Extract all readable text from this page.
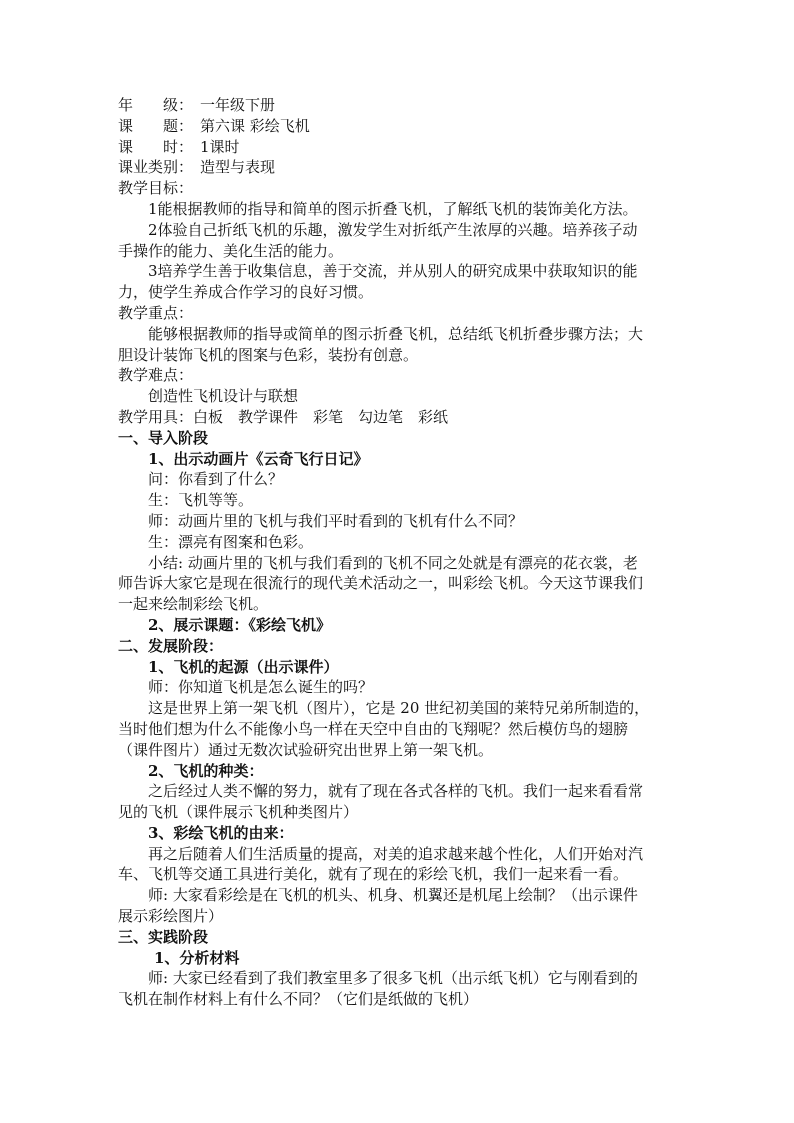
年　　级： 一年级下册
课　　题： 第六课 彩绘飞机
课　　时： 1课时
课业类别： 造型与表现
教学目标：
1能根据教师的指导和简单的图示折叠飞机，了解纸飞机的装饰美化方法。
2体验自己折纸飞机的乐趣，激发学生对折纸产生浓厚的兴趣。培养孩子动
手操作的能力、美化生活的能力。
3培养学生善于收集信息，善于交流，并从别人的研究成果中获取知识的能
力，使学生养成合作学习的良好习惯。
教学重点：
能够根据教师的指导或简单的图示折叠飞机，总结纸飞机折叠步骤方法；大
胆设计装饰飞机的图案与色彩，装扮有创意。
教学难点：
创造性飞机设计与联想
教学用具：白板　教学课件　彩笔　勾边笔　彩纸
一、导入阶段
1、出示动画片《云奇飞行日记》
问：你看到了什么？
生：飞机等等。
师：动画片里的飞机与我们平时看到的飞机有什么不同？
生：漂亮有图案和色彩。
小结: 动画片里的飞机与我们看到的飞机不同之处就是有漂亮的花衣裳，老
师告诉大家它是现在很流行的现代美术活动之一，叫彩绘飞机。今天这节课我们
一起来绘制彩绘飞机。
2、展示课题：《彩绘飞机》
二、发展阶段：
1、飞机的起源（出示课件）
师：你知道飞机是怎么诞生的吗？
这是世界上第一架飞机（图片），它是 20 世纪初美国的莱特兄弟所制造的，
当时他们想为什么不能像小鸟一样在天空中自由的飞翔呢？然后模仿鸟的翅膀
（课件图片）通过无数次试验研究出世界上第一架飞机。
2、飞机的种类：
之后经过人类不懈的努力，就有了现在各式各样的飞机。我们一起来看看常
见的飞机（课件展示飞机种类图片）
3、彩绘飞机的由来：
再之后随着人们生活质量的提高，对美的追求越来越个性化，人们开始对汽
车、飞机等交通工具进行美化，就有了现在的彩绘飞机，我们一起来看一看。
师: 大家看彩绘是在飞机的机头、机身、机翼还是机尾上绘制？（出示课件
展示彩绘图片）
三、实践阶段
1、分析材料
师: 大家已经看到了我们教室里多了很多飞机（出示纸飞机）它与刚看到的
飞机在制作材料上有什么不同？（它们是纸做的飞机）
